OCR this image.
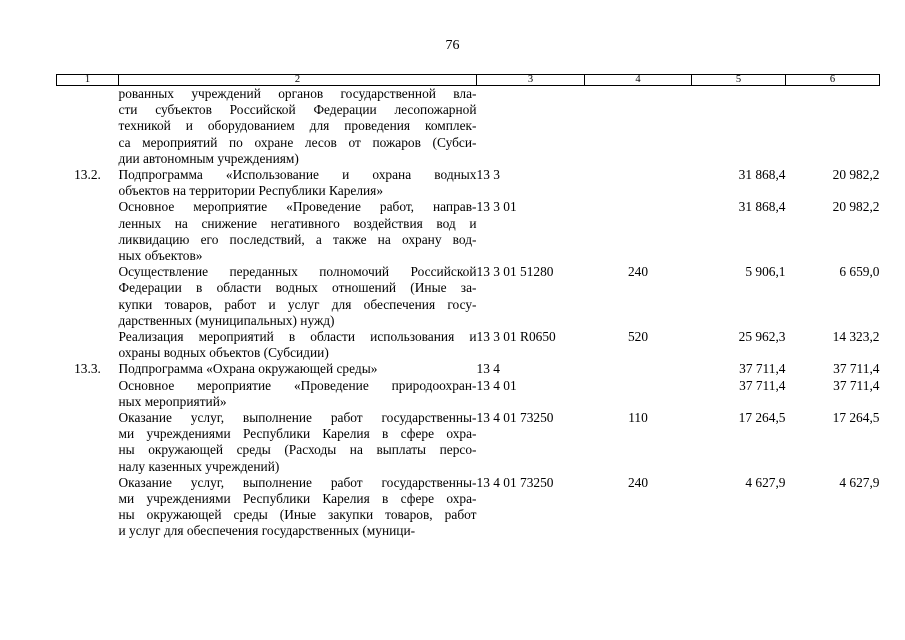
76
1	2	3	4	5	6

	рованных учреждений органов государственной вла-
сти субъектов Российской Федерации лесопожарной
техникой и оборудованием для проведения комплек-
са мероприятий по охране лесов от пожаров (Субси-
дии автономным учреждениям)				

13.2.	Подпрограмма «Использование и охрана водных
объектов на территории Республики Карелия»	13 3		31 868,4	20 982,2

	Основное мероприятие «Проведение работ, направ-
ленных на снижение негативного воздействия вод и
ликвидацию его последствий, а также на охрану вод-
ных объектов»	13 3 01		31 868,4	20 982,2

	Осуществление переданных полномочий Российской
Федерации в области водных отношений (Иные за-
купки товаров, работ и услуг для обеспечения госу-
дарственных (муниципальных) нужд)	13 3 01 51280	240	5 906,1	6 659,0

	Реализация мероприятий в области использования и
охраны водных объектов (Субсидии)	13 3 01 R0650	520	25 962,3	14 323,2
13.3.	Подпрограмма «Охрана окружающей среды»	13 4		37 711,4	37 711,4

	Основное мероприятие «Проведение природоохран-
ных мероприятий»	13 4 01		37 711,4	37 711,4

	Оказание услуг, выполнение работ государственны-
ми учреждениями Республики Карелия в сфере охра-
ны окружающей среды (Расходы на выплаты персо-
налу казенных учреждений)	13 4 01 73250	110	17 264,5	17 264,5

	Оказание услуг, выполнение работ государственны-
ми учреждениями Республики Карелия в сфере охра-
ны окружающей среды (Иные закупки товаров, работ
и услуг для обеспечения государственных (муници-	13 4 01 73250	240	4 627,9	4 627,9
